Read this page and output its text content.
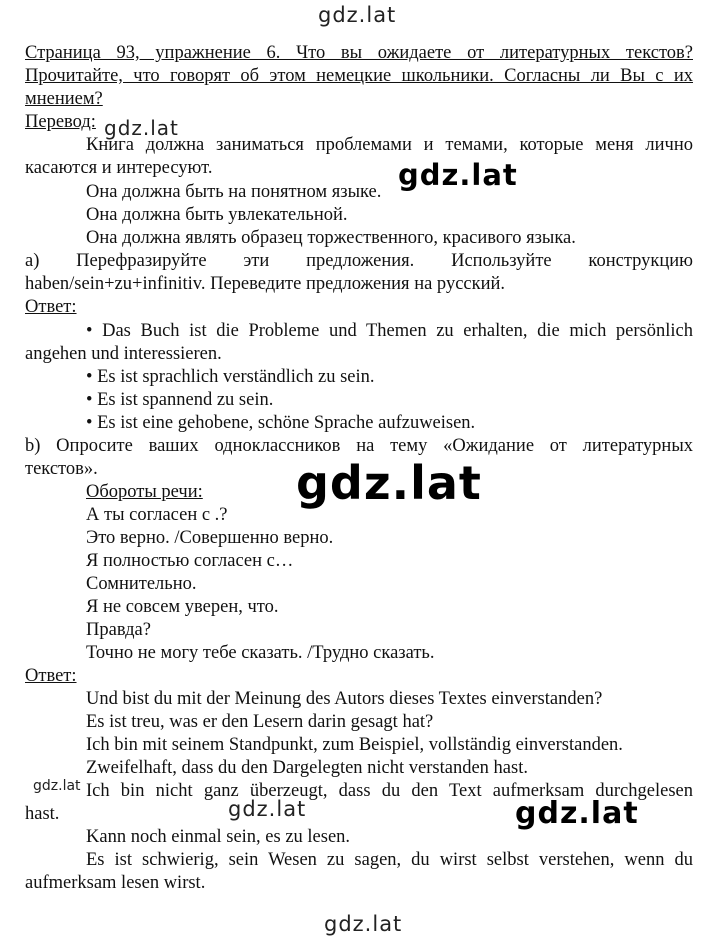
gdz.lat
gdz.lat
gdz.lat
gdz.lat
gdz.lat
gdz.lat	gdz.lat
gdz.lat
Страница 93, упражнение 6. Что вы ожидаете от литературных текстов?
Прочитайте, что говорят об этом немецкие школьники. Согласны ли Вы с их
мнением?
Перевод:
Книга должна заниматься проблемами и темами, которые меня лично
касаются и интересуют.
Она должна быть на понятном языке.
Она должна быть увлекательной.
Она должна являть образец торжественного, красивого языка.
а) Перефразируйте эти предложения. Используйте конструкцию
haben/sein+zu+infinitiv. Переведите предложения на русский.
Ответ:
• Das Buch ist die Probleme und Themen zu erhalten, die mich persönlich
angehen und interessieren.
• Es ist sprachlich verständlich zu sein.
• Es ist spannend zu sein.
• Es ist eine gehobene, schöne Sprache aufzuweisen.
b) Опросите ваших одноклассников на тему «Ожидание от литературных
текстов».
Обороты речи:
А ты согласен с .?
Это верно. /Совершенно верно.
Я полностью согласен с…
Сомнительно.
Я не совсем уверен, что.
Правда?
Точно не могу тебе сказать. /Трудно сказать.
Ответ:
Und bist du mit der Meinung des Autors dieses Textes einverstanden?
Es ist treu, was er den Lesern darin gesagt hat?
Ich bin mit seinem Standpunkt, zum Beispiel, vollständig einverstanden.
Zweifelhaft, dass du den Dargelegten nicht verstanden hast.
Ich bin nicht ganz überzeugt, dass du den Text aufmerksam durchgelesen
hast.
Kann noch einmal sein, es zu lesen.
Es ist schwierig, sein Wesen zu sagen, du wirst selbst verstehen, wenn du
aufmerksam lesen wirst.
